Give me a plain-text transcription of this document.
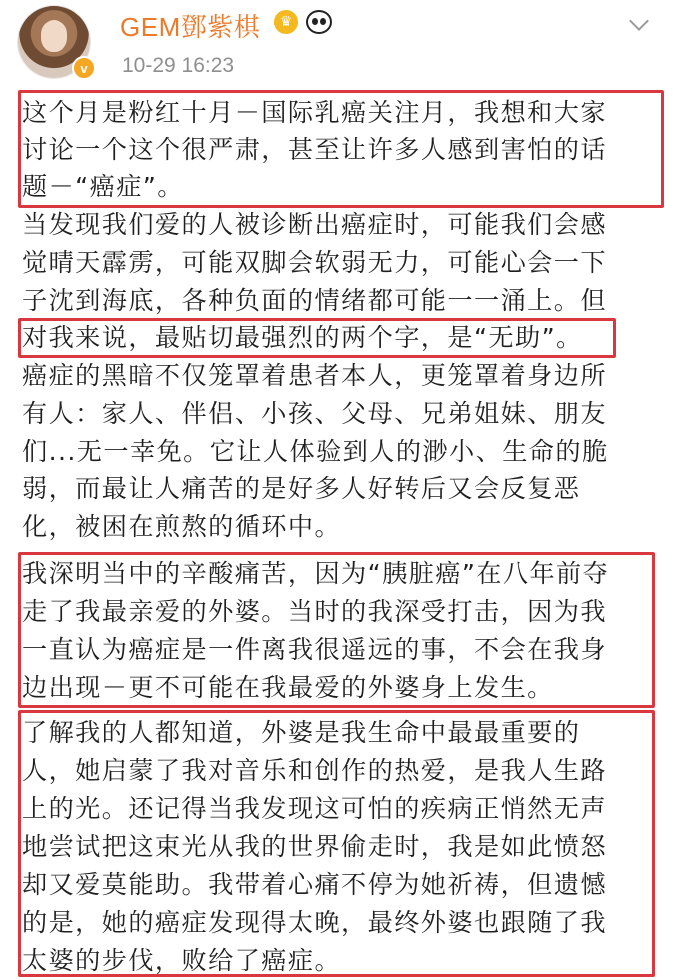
v
GEM鄧紫棋	♛
10-29 16:23
这个月是粉红十月－国际乳癌关注月，我想和大家
讨论一个这个很严肃，甚至让许多人感到害怕的话
题－“癌症”。
当发现我们爱的人被诊断出癌症时，可能我们会感
觉晴天霹雳，可能双脚会软弱无力，可能心会一下
子沈到海底，各种负面的情绪都可能一一涌上。但
对我来说，最贴切最强烈的两个字，是“无助”。
癌症的黑暗不仅笼罩着患者本人，更笼罩着身边所
有人：家人、伴侣、小孩、父母、兄弟姐妹、朋友
们...无一幸免。它让人体验到人的渺小、生命的脆
弱，而最让人痛苦的是好多人好转后又会反复恶
化，被困在煎熬的循环中。
我深明当中的辛酸痛苦，因为“胰脏癌”在八年前夺
走了我最亲爱的外婆。当时的我深受打击，因为我
一直认为癌症是一件离我很遥远的事，不会在我身
边出现－更不可能在我最爱的外婆身上发生。
了解我的人都知道，外婆是我生命中最最重要的
人，她启蒙了我对音乐和创作的热爱，是我人生路
上的光。还记得当我发现这可怕的疾病正悄然无声
地尝试把这束光从我的世界偷走时，我是如此愤怒
却又爱莫能助。我带着心痛不停为她祈祷，但遗憾
的是，她的癌症发现得太晚，最终外婆也跟随了我
太婆的步伐，败给了癌症。
